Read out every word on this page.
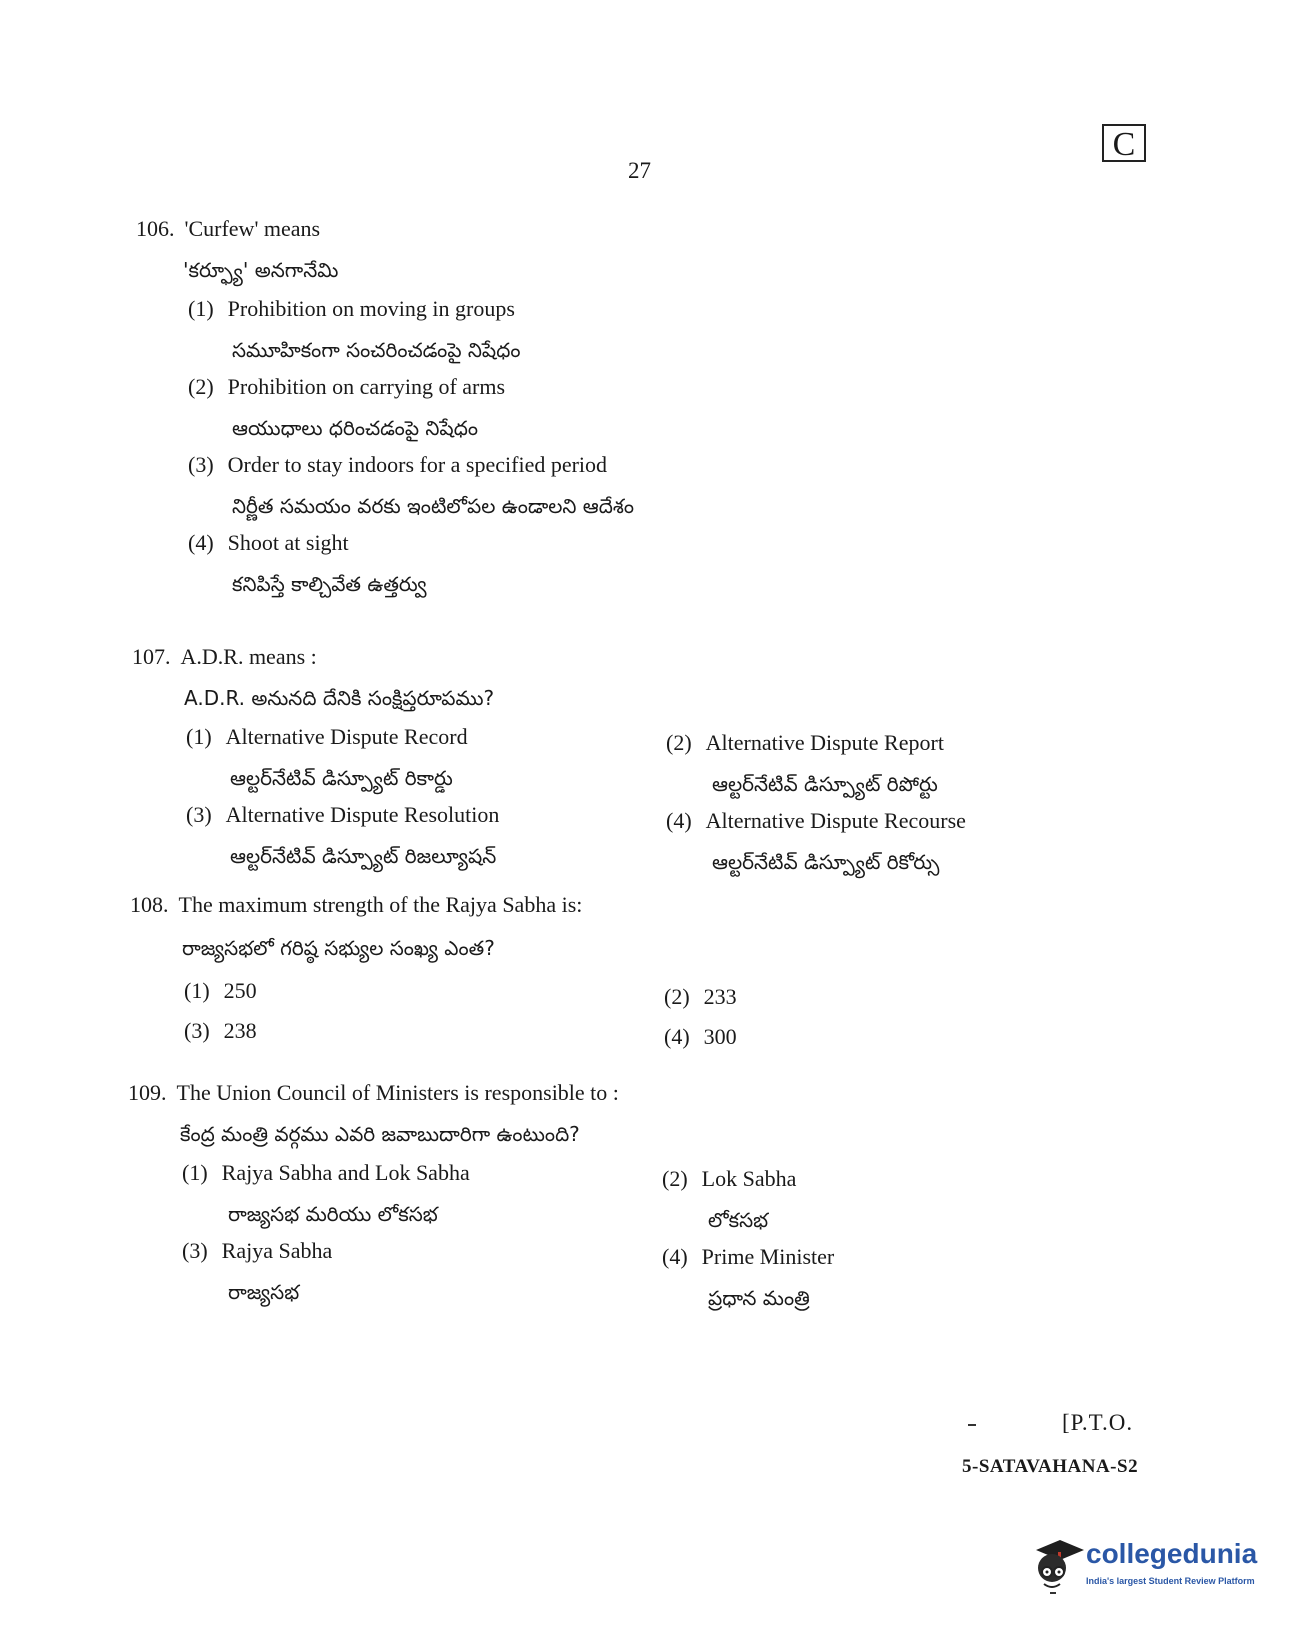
27
C
106. 'Curfew' means
'కర్ఫ్యూ' అనగానేమి
(1) Prohibition on moving in groups
సమూహికంగా సంచరించడంపై నిషేధం
(2) Prohibition on carrying of arms
ఆయుధాలు ధరించడంపై నిషేధం
(3) Order to stay indoors for a specified period
నిర్ణీత సమయం వరకు ఇంటిలోపల ఉండాలని ఆదేశం
(4) Shoot at sight
కనిపిస్తే కాల్చివేత ఉత్తర్వు
107. A.D.R. means :
A.D.R. అనునది దేనికి సంక్షిప్తరూపము?
(1) Alternative Dispute Record
ఆల్టర్‌నేటివ్ డిస్ప్యూట్ రికార్డు
(2) Alternative Dispute Report
ఆల్టర్‌నేటివ్ డిస్ప్యూట్ రిపోర్టు
(3) Alternative Dispute Resolution
ఆల్టర్‌నేటివ్ డిస్ప్యూట్ రిజల్యూషన్
(4) Alternative Dispute Recourse
ఆల్టర్‌నేటివ్ డిస్ప్యూట్ రికోర్సు
108. The maximum strength of the Rajya Sabha is:
రాజ్యసభలో గరిష్ఠ సభ్యుల సంఖ్య ఎంత?
(1) 250	(2) 233
(3) 238	(4) 300
109. The Union Council of Ministers is responsible to :
కేంద్ర మంత్రి వర్గము ఎవరి జవాబుదారిగా ఉంటుంది?
(1) Rajya Sabha and Lok Sabha
రాజ్యసభ మరియు లోకసభ
(2) Lok Sabha
లోకసభ
(3) Rajya Sabha
రాజ్యసభ
(4) Prime Minister
ప్రధాన మంత్రి
[P.T.O.
5-SATAVAHANA-S2
collegedunia
India's largest Student Review Platform
